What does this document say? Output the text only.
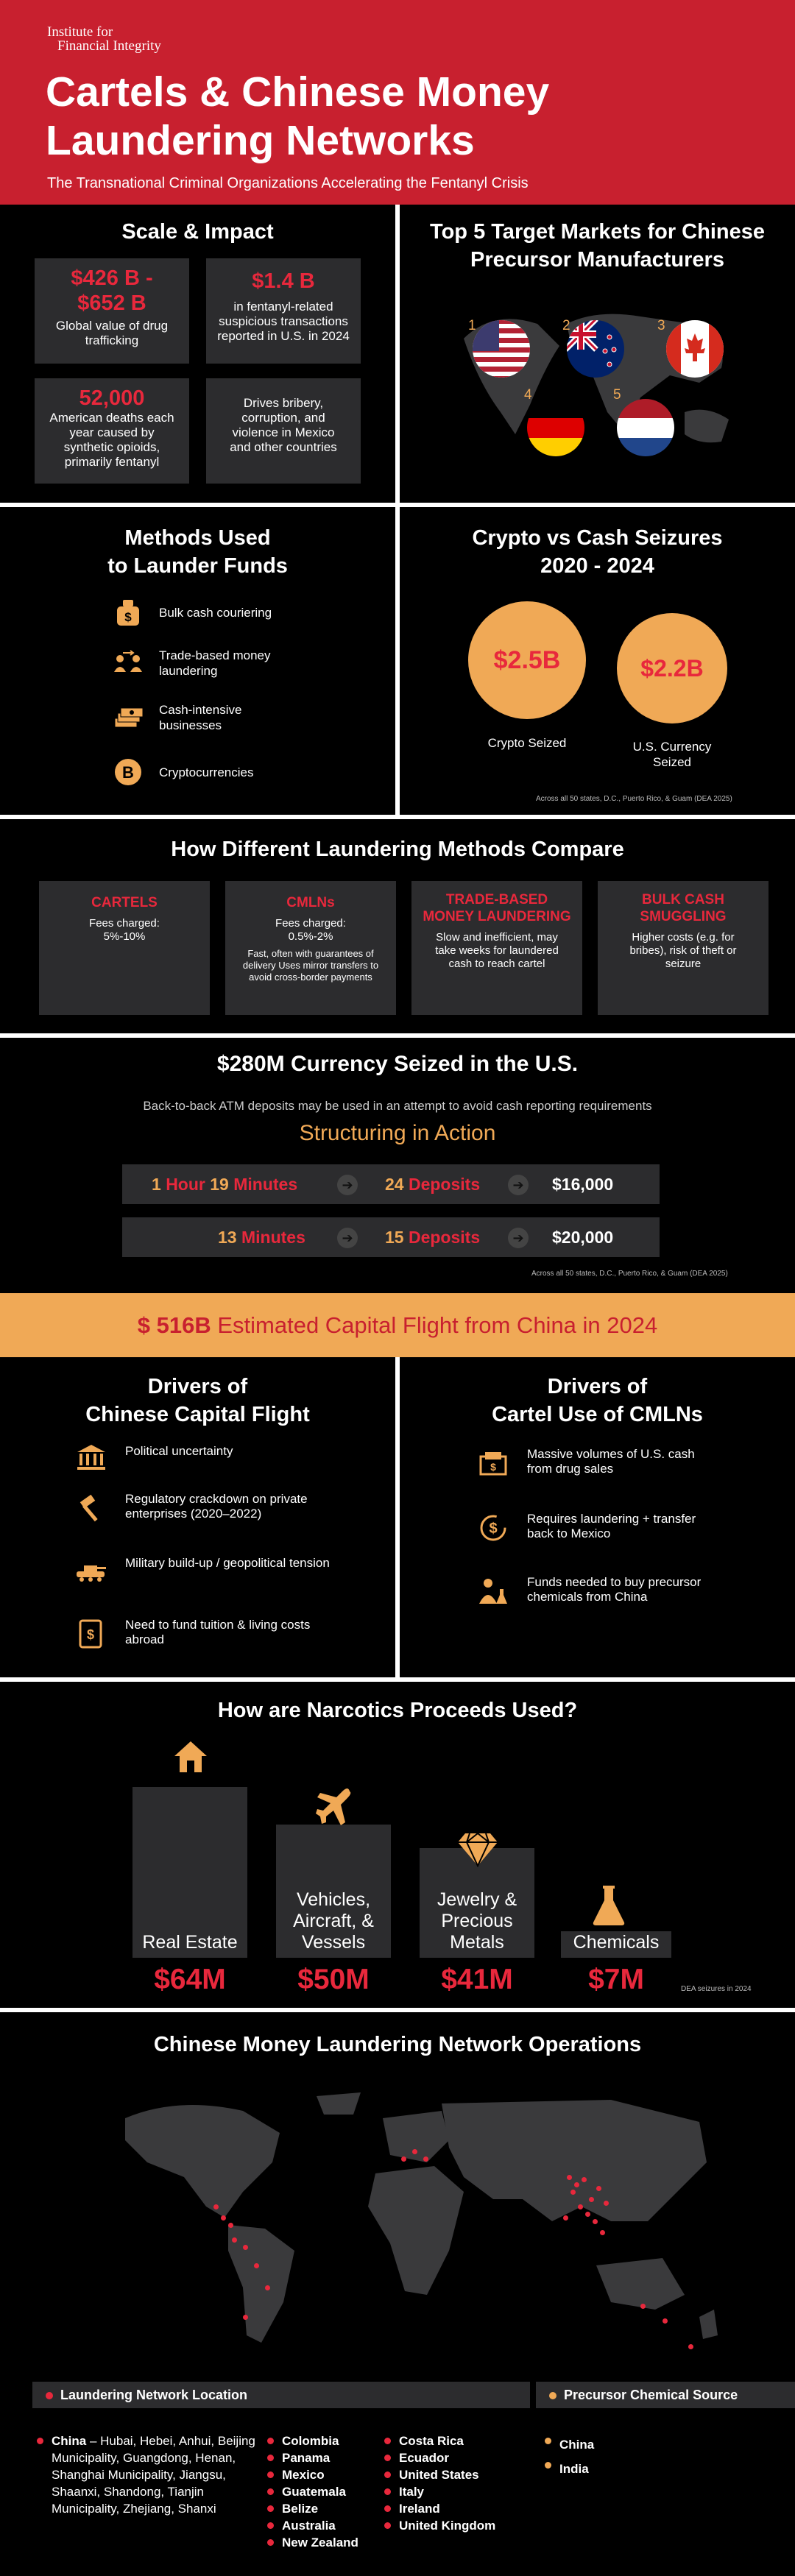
Institute for
Financial Integrity
Cartels & Chinese Money Laundering Networks
The Transnational Criminal Organizations Accelerating the Fentanyl Crisis
Scale & Impact
$426 B -
$652 B
Global value of drug trafficking
$1.4 B
in fentanyl-related suspicious transactions reported in U.S. in 2024
52,000
American deaths each year caused by synthetic opioids, primarily fentanyl
Drives bribery, corruption, and violence in Mexico and other countries
Top 5 Target Markets for Chinese Precursor Manufacturers
1	2	3
4	5
Methods Used
to Launder Funds
$ Bulk cash couriering
Trade-based money laundering
Cash-intensive businesses
B Cryptocurrencies
Crypto vs Cash Seizures
2020 - 2024
$2.5B	$2.2B
Crypto Seized	U.S. Currency Seized
Across all 50 states, D.C., Puerto Rico, & Guam (DEA 2025)
How Different Laundering Methods Compare
CARTELS

Fees charged:

5%-10%

CMLNs

Fees charged:

0.5%-2%

Fast, often with guarantees of delivery Uses mirror transfers to avoid cross-border payments

TRADE-BASED MONEY LAUNDERING

Slow and inefficient, may take weeks for laundered cash to reach cartel

BULK CASH SMUGGLING

Higher costs (e.g. for bribes), risk of theft or seizure

$280M Currency Seized in the U.S.
Back-to-back ATM deposits may be used in an attempt to avoid cash reporting requirements
Structuring in Action
1 Hour 19 Minutes	➔ 24 Deposits	➔ $16,000
13 Minutes	➔ 15 Deposits	➔ $20,000
Across all 50 states, D.C., Puerto Rico, & Guam (DEA 2025)
$ 516B Estimated Capital Flight from China in 2024
Drivers of
Chinese Capital Flight
Political uncertainty
Regulatory crackdown on private enterprises (2020–2022)
Military build-up / geopolitical tension
$
Need to fund tuition & living costs abroad
Drivers of
Cartel Use of CMLNs
$
Massive volumes of U.S. cash from drug sales
$
Requires laundering + transfer back to Mexico
Funds needed to buy precursor chemicals from China
How are Narcotics Proceeds Used?
Real Estate
$64M
Vehicles, Aircraft, & Vessels
$50M
Jewelry & Precious Metals
$41M
Chemicals
$7M	DEA seizures in 2024
Chinese Money Laundering Network Operations
Laundering Network Location	Precursor Chemical Source
China – Hubai, Hebei, Anhui, Beijing Municipality, Guangdong, Henan, Shanghai Municipality, Jiangsu, Shaanxi, Shandong, Tianjin Municipality, Zhejiang, Shanxi
Colombia
Panama
Mexico
Guatemala
Belize
Australia
New Zealand
Costa Rica
Ecuador
United States
Italy
Ireland
United Kingdom
China
India
